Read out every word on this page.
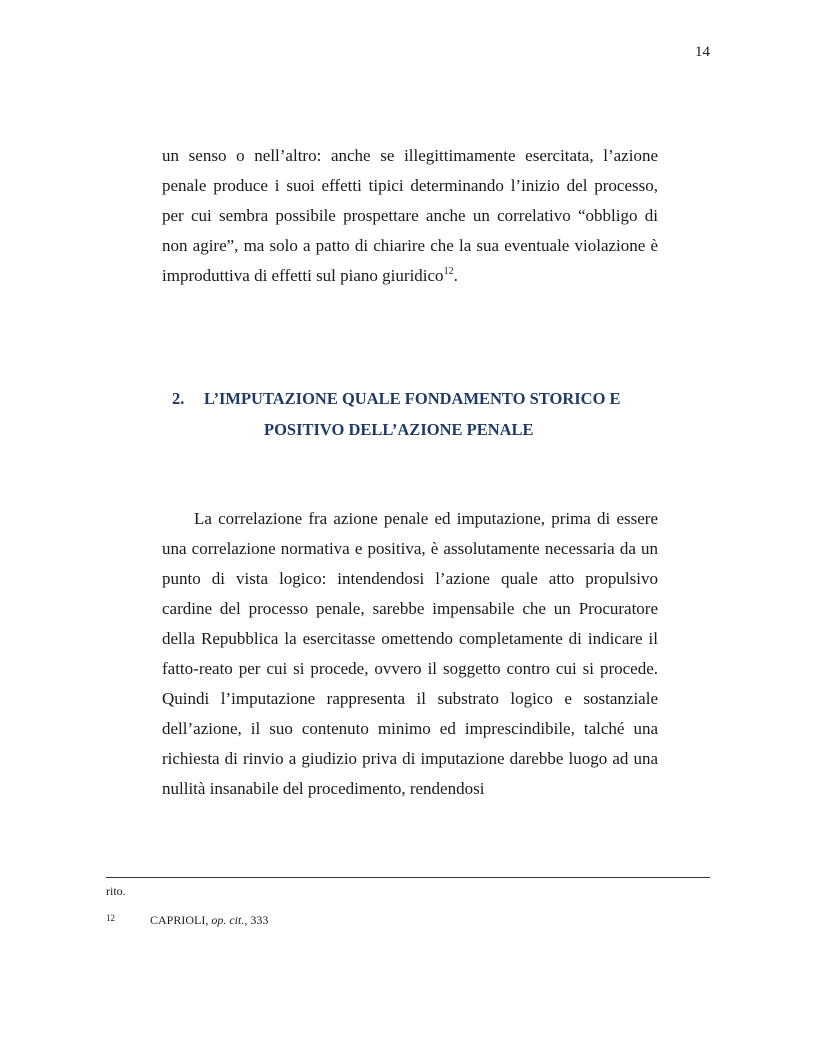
14

un senso o nell’altro: anche se illegittimamente esercitata, l’azione penale produce i suoi effetti tipici determinando l’inizio del processo, per cui sembra possibile prospettare anche un correlativo “obbligo di non agire”, ma solo a patto di chiarire che la sua eventuale violazione è improduttiva di effetti sul piano giuridico$^{12}$.

2. L’IMPUTAZIONE QUALE FONDAMENTO STORICO E
POSITIVO DELL’AZIONE PENALE

La correlazione fra azione penale ed imputazione, prima di essere una correlazione normativa e positiva, è assolutamente necessaria da un punto di vista logico: intendendosi l’azione quale atto propulsivo cardine del processo penale, sarebbe impensabile che un Procuratore della Repubblica la esercitasse omettendo completamente di indicare il fatto-reato per cui si procede, ovvero il soggetto contro cui si procede. Quindi l’imputazione rappresenta il substrato logico e sostanziale dell’azione, il suo contenuto minimo ed imprescindibile, talché una richiesta di rinvio a giudizio priva di imputazione darebbe luogo ad una nullità insanabile del procedimento, rendendosi

rito.
12	CAPRIOLI, op. cit., 333
